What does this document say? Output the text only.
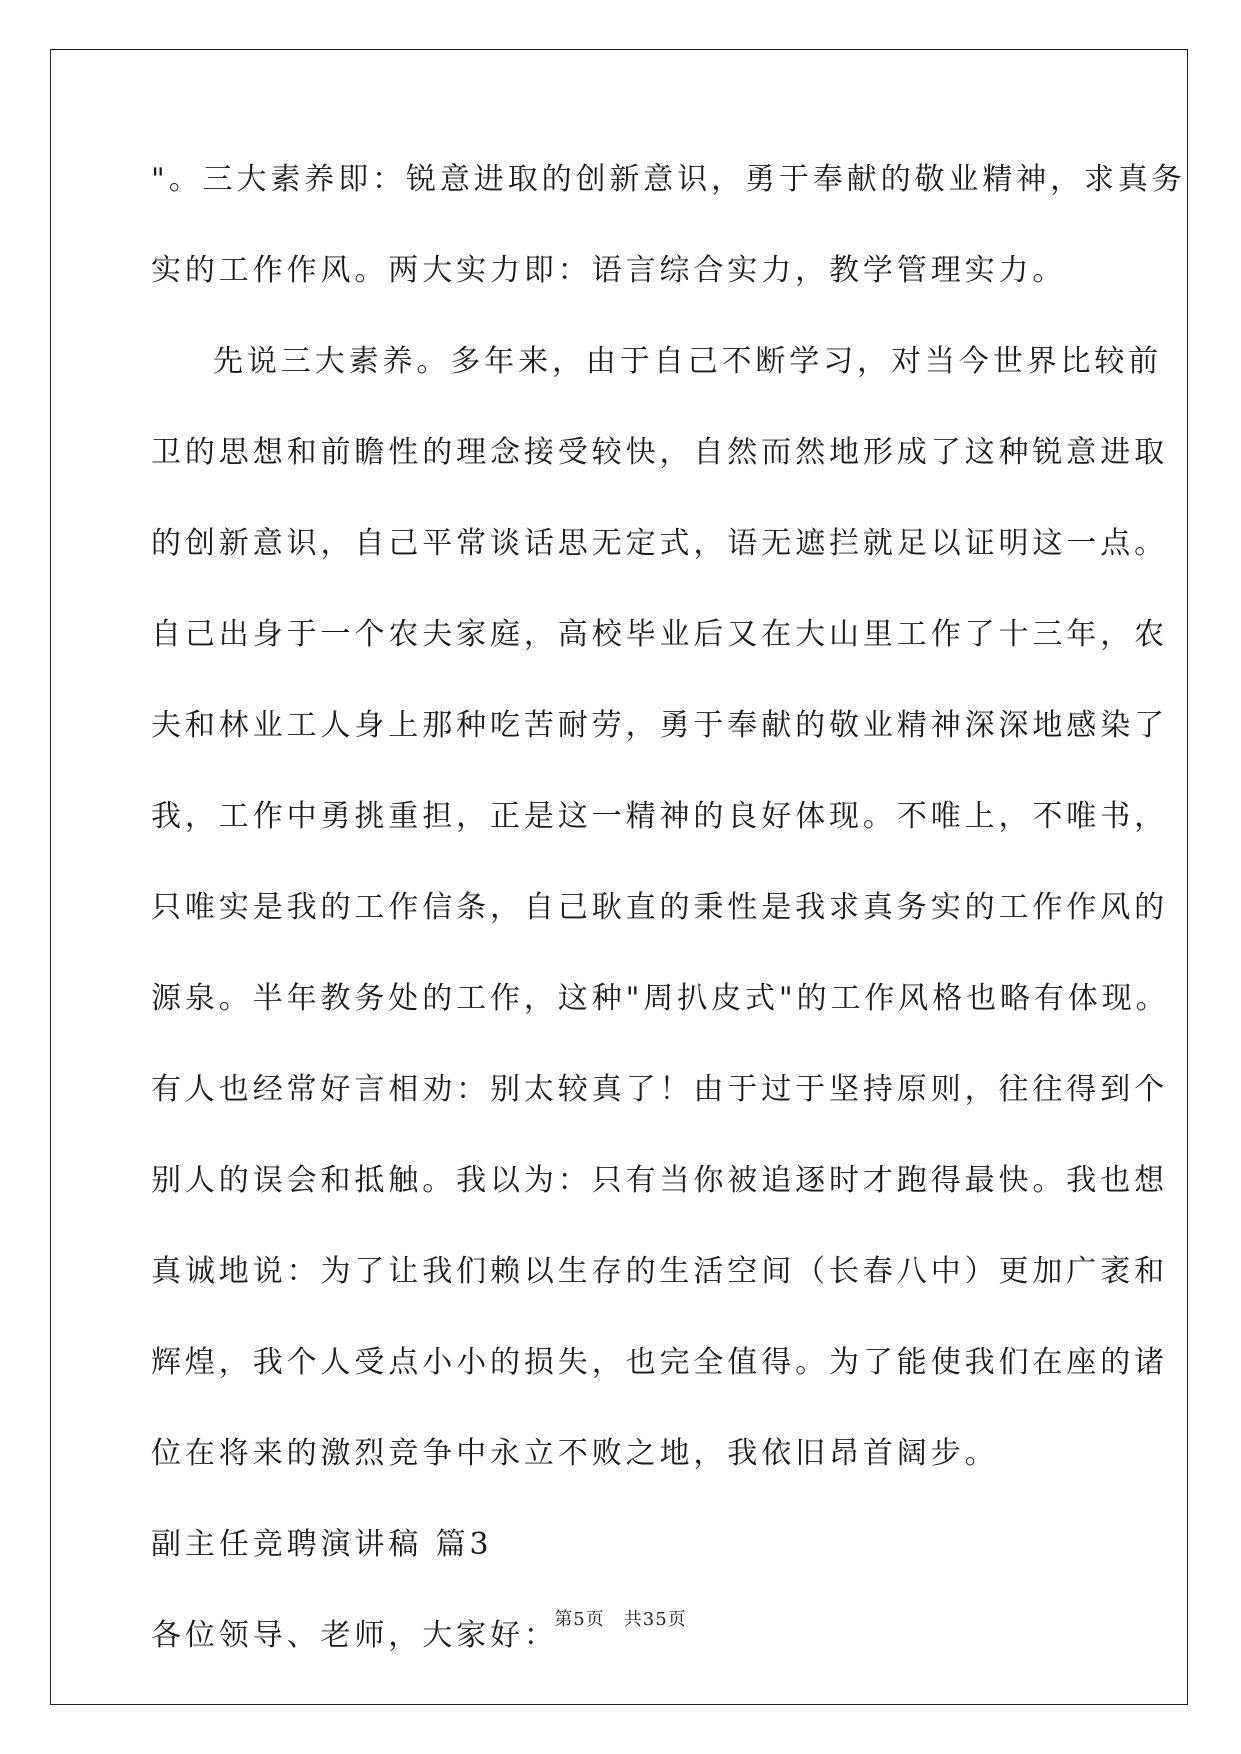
"。三大素养即：锐意进取的创新意识，勇于奉献的敬业精神，求真务
实的工作作风。两大实力即：语言综合实力，教学管理实力。
先说三大素养。多年来，由于自己不断学习，对当今世界比较前
卫的思想和前瞻性的理念接受较快，自然而然地形成了这种锐意进取
的创新意识，自己平常谈话思无定式，语无遮拦就足以证明这一点。
自己出身于一个农夫家庭，高校毕业后又在大山里工作了十三年，农
夫和林业工人身上那种吃苦耐劳，勇于奉献的敬业精神深深地感染了
我，工作中勇挑重担，正是这一精神的良好体现。不唯上，不唯书，
只唯实是我的工作信条，自己耿直的秉性是我求真务实的工作作风的
源泉。半年教务处的工作，这种"周扒皮式"的工作风格也略有体现。
有人也经常好言相劝：别太较真了！由于过于坚持原则，往往得到个
别人的误会和抵触。我以为：只有当你被追逐时才跑得最快。我也想
真诚地说：为了让我们赖以生存的生活空间（长春八中）更加广袤和
辉煌，我个人受点小小的损失，也完全值得。为了能使我们在座的诸
位在将来的激烈竞争中永立不败之地，我依旧昂首阔步。
副主任竞聘演讲稿 篇3
各位领导、老师，大家好：
第5页　共35页
